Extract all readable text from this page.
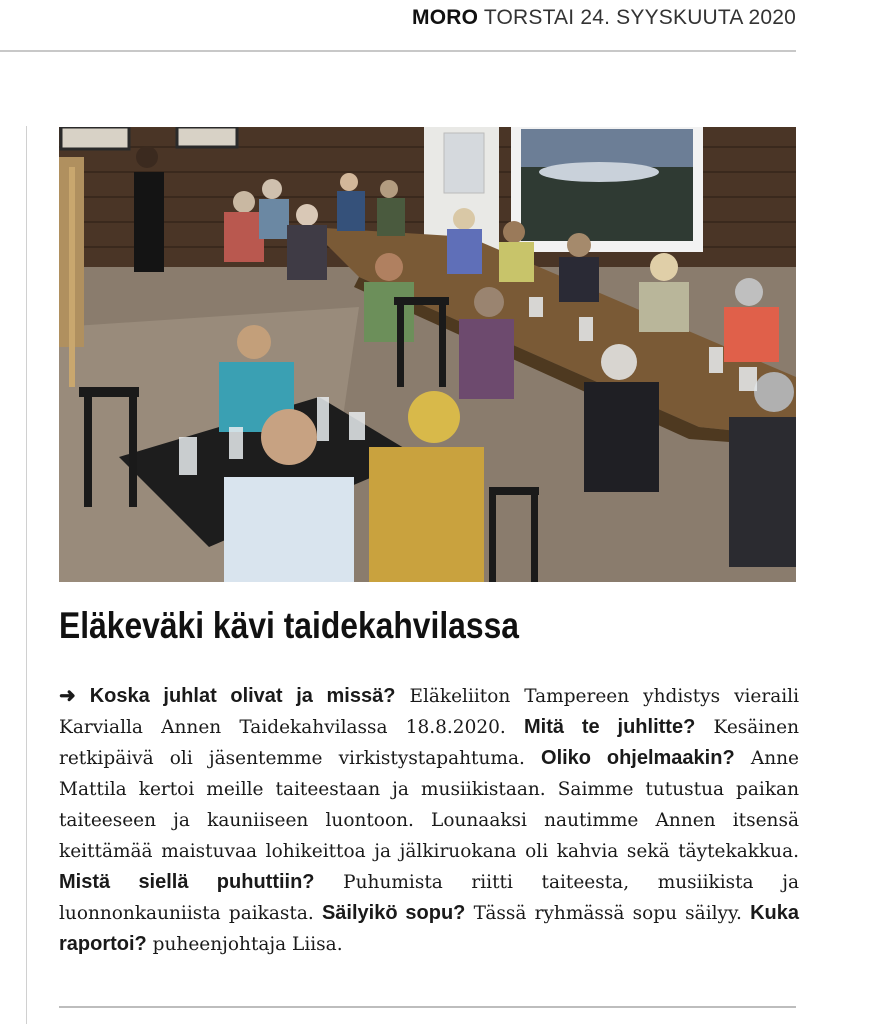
MORO TORSTAI 24. SYYSKUUTA 2020
Eläkeväki kävi taidekahvilassa
➜ Koska juhlat olivat ja missä? Eläkeliiton Tampereen yhdistys vieraili Karvialla Annen Taidekahvilassa 18.8.2020. Mitä te juhlitte? Kesäinen retkipäivä oli jäsentemme virkistystapahtuma. Oliko ohjelmaakin? Anne Mattila kertoi meille taiteestaan ja musiikistaan. Saimme tutustua paikan taiteeseen ja kauniiseen luontoon. Lounaaksi nautimme Annen itsensä keittämää maistuvaa lohikeittoa ja jälkiruokana oli kahvia sekä täytekakkua. Mistä siellä puhuttiin? Puhumista riitti taiteesta, musiikista ja luonnonkauniista paikasta. Säilyikö sopu? Tässä ryhmässä sopu säilyy. Kuka raportoi? puheenjohtaja Liisa.
